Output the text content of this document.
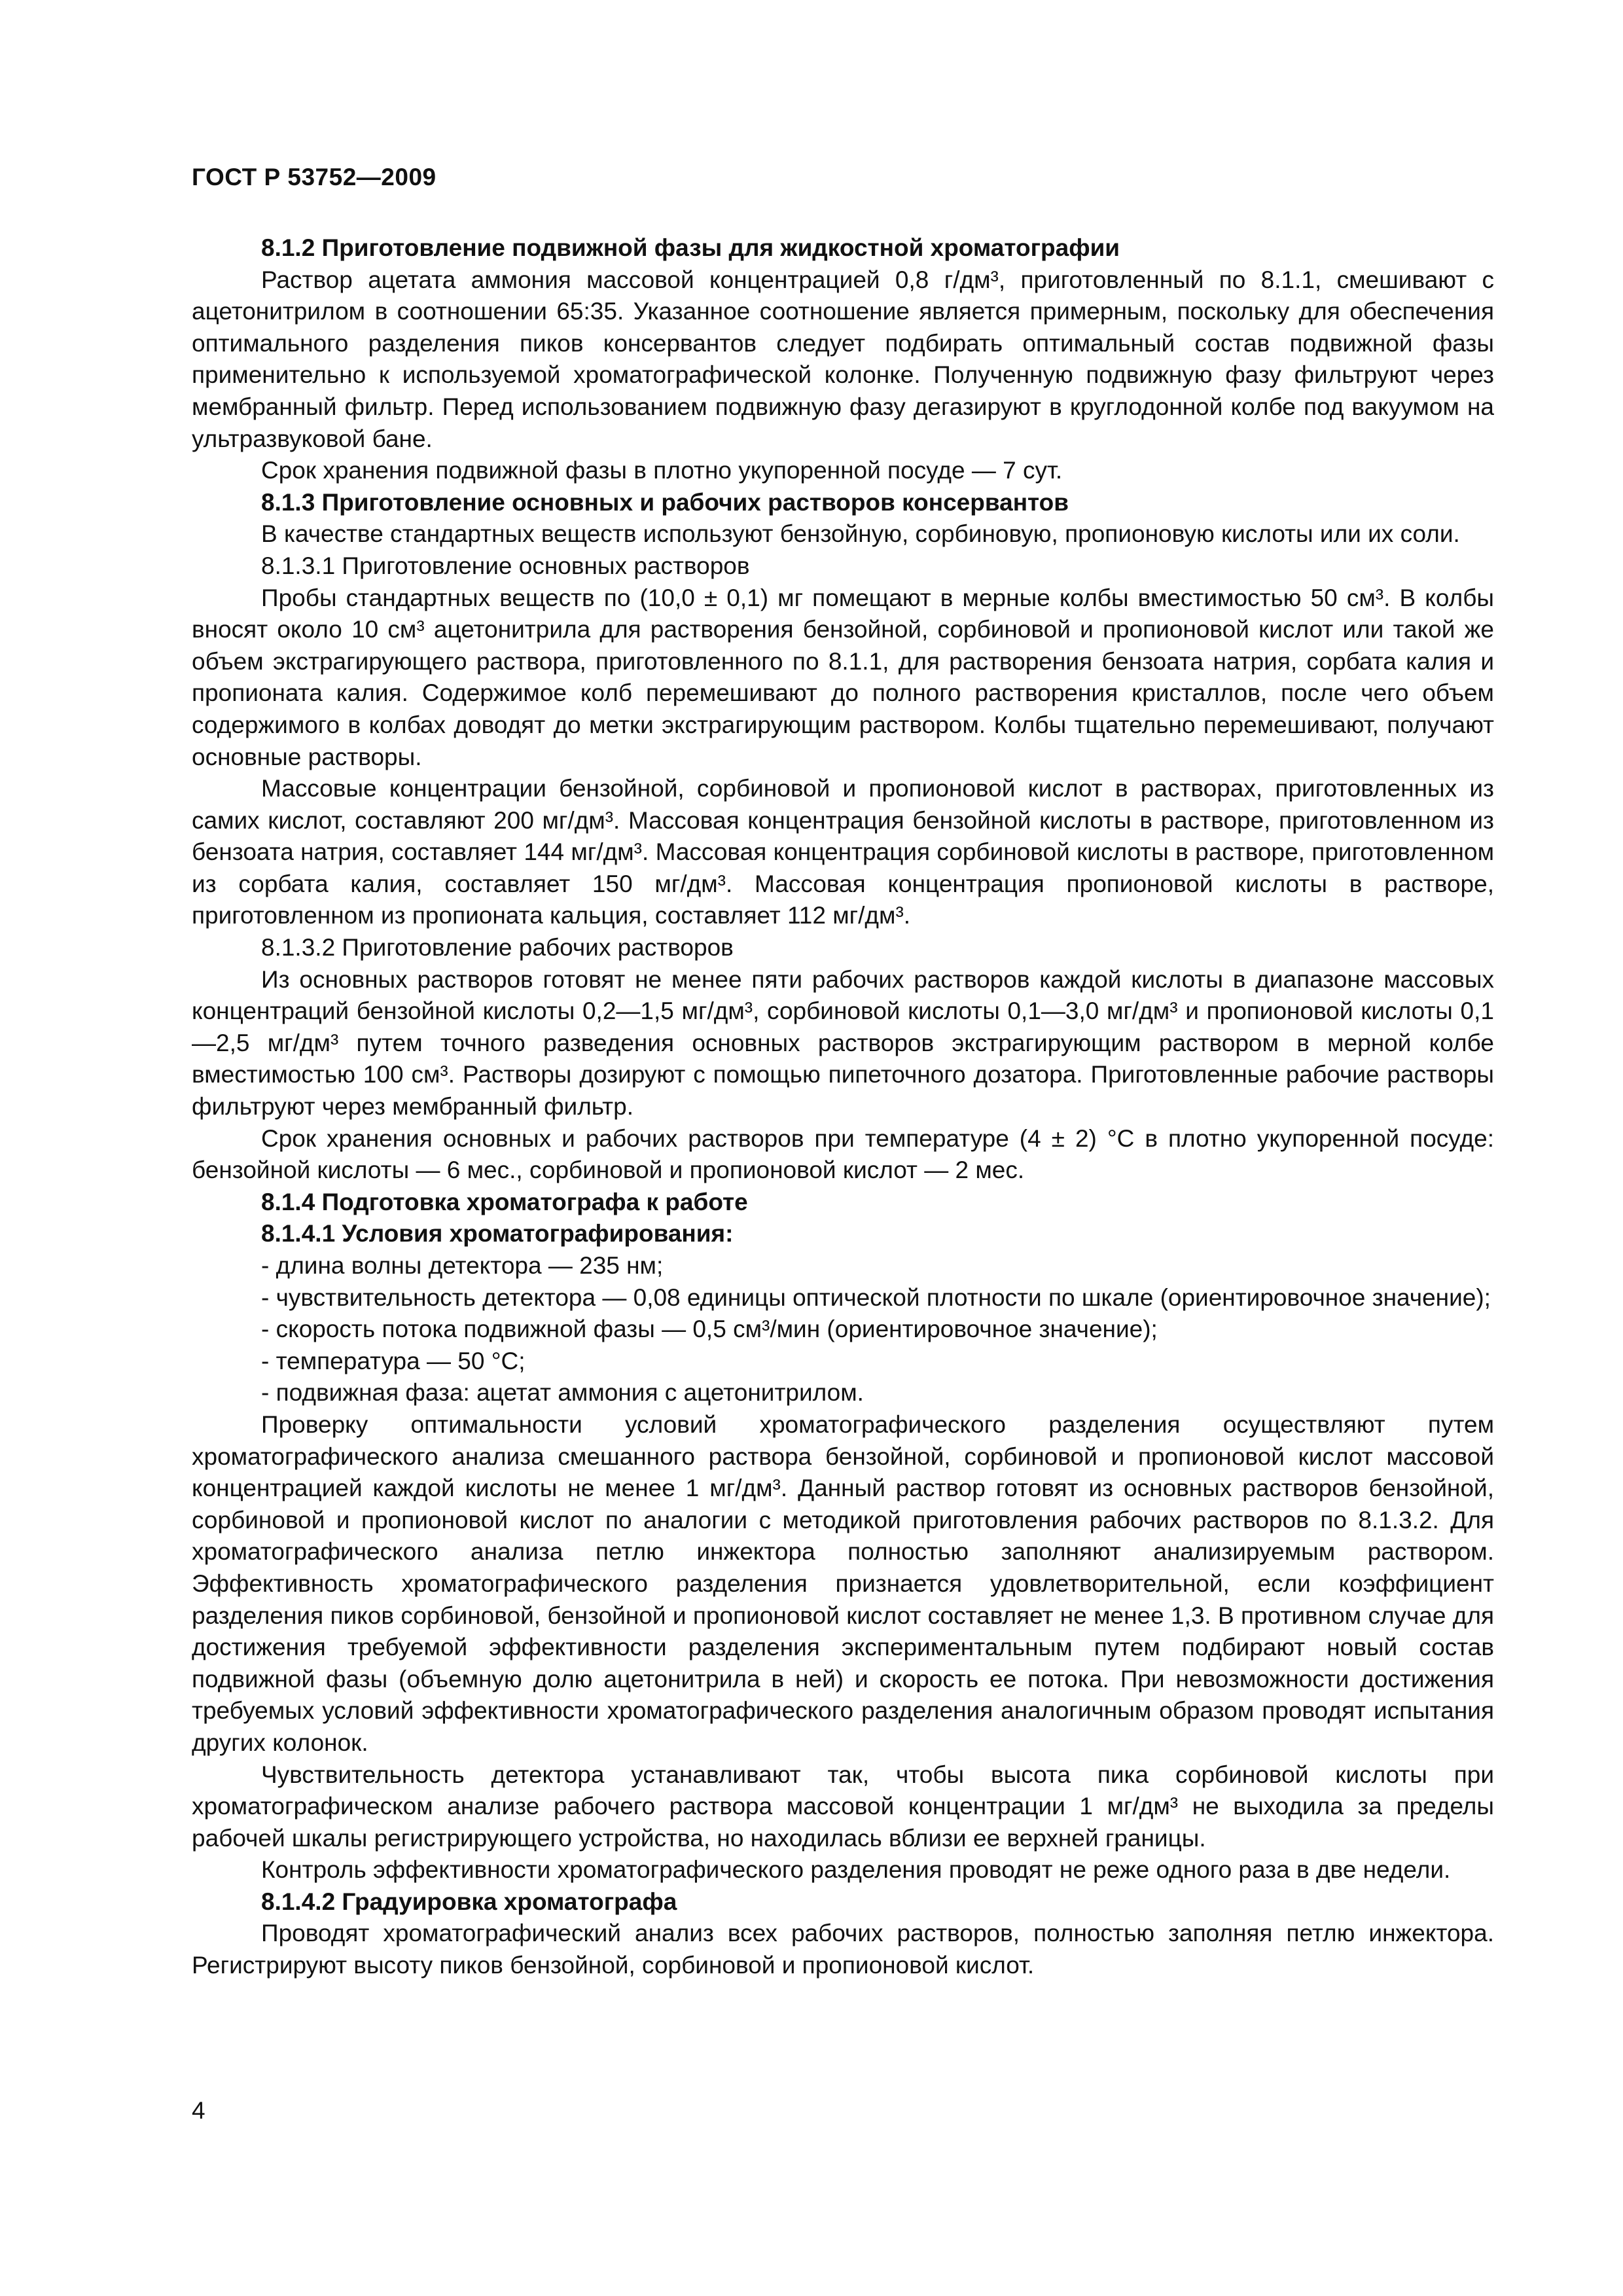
ГОСТ Р 53752—2009

8.1.2 Приготовление подвижной фазы для жидкостной хроматографии

Раствор ацетата аммония массовой концентрацией 0,8 г/дм³, приготовленный по 8.1.1, смешивают с ацетонитрилом в соотношении 65:35. Указанное соотношение является примерным, поскольку для обеспечения оптимального разделения пиков консервантов следует подбирать оптимальный состав подвижной фазы применительно к используемой хроматографической колонке. Полученную подвижную фазу фильтруют через мембранный фильтр. Перед использованием подвижную фазу дегазируют в круглодонной колбе под вакуумом на ультразвуковой бане.

Срок хранения подвижной фазы в плотно укупоренной посуде — 7 сут.

8.1.3 Приготовление основных и рабочих растворов консервантов

В качестве стандартных веществ используют бензойную, сорбиновую, пропионовую кислоты или их соли.

8.1.3.1 Приготовление основных растворов

Пробы стандартных веществ по (10,0 ± 0,1) мг помещают в мерные колбы вместимостью 50 см³. В колбы вносят около 10 см³ ацетонитрила для растворения бензойной, сорбиновой и пропионовой кислот или такой же объем экстрагирующего раствора, приготовленного по 8.1.1, для растворения бензоата натрия, сорбата калия и пропионата калия. Содержимое колб перемешивают до полного растворения кристаллов, после чего объем содержимого в колбах доводят до метки экстрагирующим раствором. Колбы тщательно перемешивают, получают основные растворы.

Массовые концентрации бензойной, сорбиновой и пропионовой кислот в растворах, приготовленных из самих кислот, составляют 200 мг/дм³. Массовая концентрация бензойной кислоты в растворе, приготовленном из бензоата натрия, составляет 144 мг/дм³. Массовая концентрация сорбиновой кислоты в растворе, приготовленном из сорбата калия, составляет 150 мг/дм³. Массовая концентрация пропионовой кислоты в растворе, приготовленном из пропионата кальция, составляет 112 мг/дм³.

8.1.3.2 Приготовление рабочих растворов

Из основных растворов готовят не менее пяти рабочих растворов каждой кислоты в диапазоне массовых концентраций бензойной кислоты 0,2—1,5 мг/дм³, сорбиновой кислоты 0,1—3,0 мг/дм³ и пропионовой кислоты 0,1—2,5 мг/дм³ путем точного разведения основных растворов экстрагирующим раствором в мерной колбе вместимостью 100 см³. Растворы дозируют с помощью пипеточного дозатора. Приготовленные рабочие растворы фильтруют через мембранный фильтр.

Срок хранения основных и рабочих растворов при температуре (4 ± 2) °С в плотно укупоренной посуде: бензойной кислоты — 6 мес., сорбиновой и пропионовой кислот — 2 мес.

8.1.4 Подготовка хроматографа к работе

8.1.4.1 Условия хроматографирования:

- длина волны детектора — 235 нм;

- чувствительность детектора — 0,08 единицы оптической плотности по шкале (ориентировочное значение);

- скорость потока подвижной фазы — 0,5 см³/мин (ориентировочное значение);

- температура — 50 °С;

- подвижная фаза: ацетат аммония с ацетонитрилом.

Проверку оптимальности условий хроматографического разделения осуществляют путем хроматографического анализа смешанного раствора бензойной, сорбиновой и пропионовой кислот массовой концентрацией каждой кислоты не менее 1 мг/дм³. Данный раствор готовят из основных растворов бензойной, сорбиновой и пропионовой кислот по аналогии с методикой приготовления рабочих растворов по 8.1.3.2. Для хроматографического анализа петлю инжектора полностью заполняют анализируемым раствором. Эффективность хроматографического разделения признается удовлетворительной, если коэффициент разделения пиков сорбиновой, бензойной и пропионовой кислот составляет не менее 1,3. В противном случае для достижения требуемой эффективности разделения экспериментальным путем подбирают новый состав подвижной фазы (объемную долю ацетонитрила в ней) и скорость ее потока. При невозможности достижения требуемых условий эффективности хроматографического разделения аналогичным образом проводят испытания других колонок.

Чувствительность детектора устанавливают так, чтобы высота пика сорбиновой кислоты при хроматографическом анализе рабочего раствора массовой концентрации 1 мг/дм³ не выходила за пределы рабочей шкалы регистрирующего устройства, но находилась вблизи ее верхней границы.

Контроль эффективности хроматографического разделения проводят не реже одного раза в две недели.

8.1.4.2 Градуировка хроматографа

Проводят хроматографический анализ всех рабочих растворов, полностью заполняя петлю инжектора. Регистрируют высоту пиков бензойной, сорбиновой и пропионовой кислот.

4
